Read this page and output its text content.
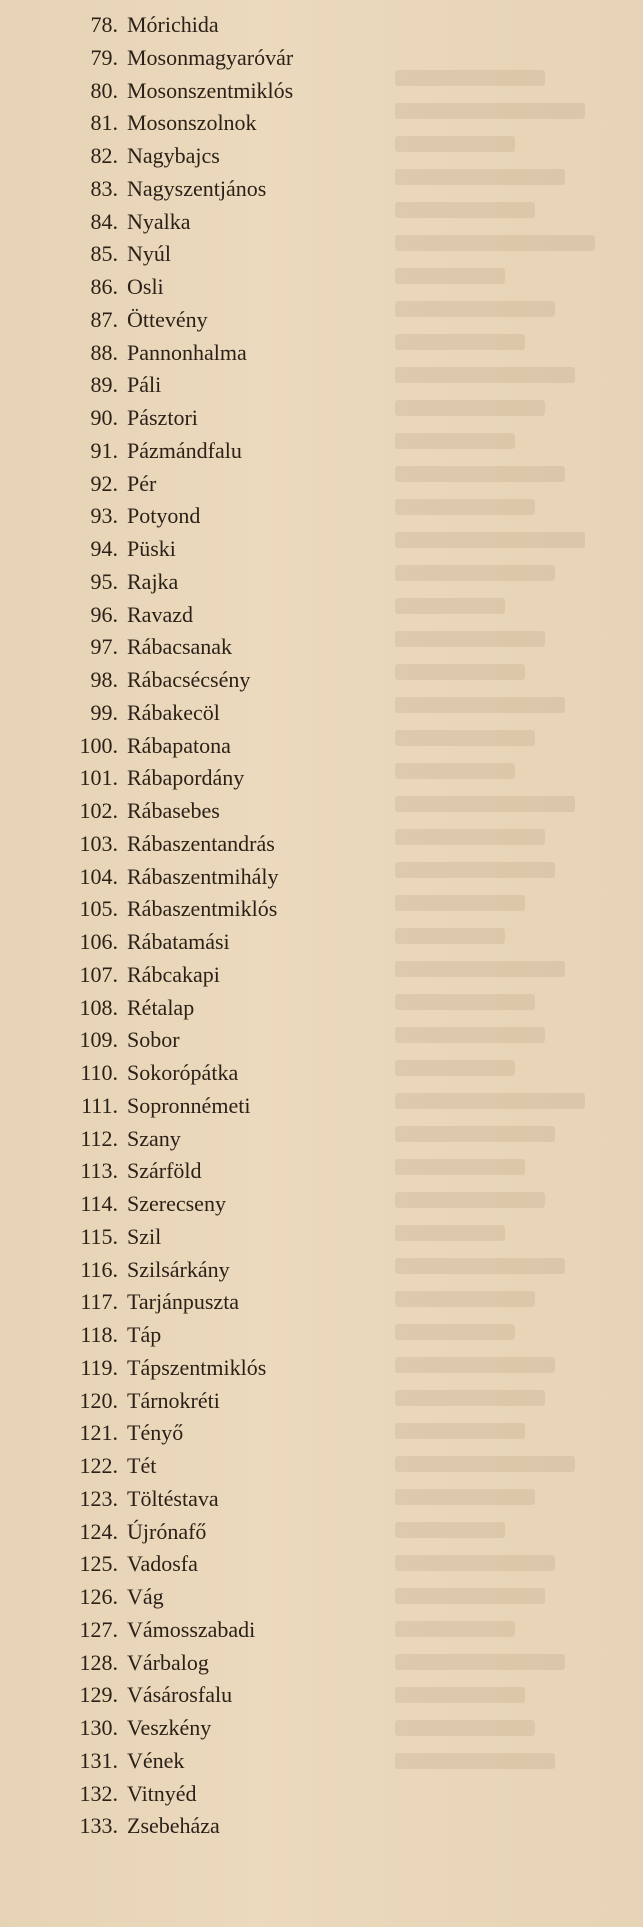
78. Mórichida
79. Mosonmagyaróvár
80. Mosonszentmiklós
81. Mosonszolnok
82. Nagybajcs
83. Nagyszentjános
84. Nyalka
85. Nyúl
86. Osli
87. Öttevény
88. Pannonhalma
89. Páli
90. Pásztori
91. Pázmándfalu
92. Pér
93. Potyond
94. Püski
95. Rajka
96. Ravazd
97. Rábacsanak
98. Rábacsécsény
99. Rábakecöl
100. Rábapatona
101. Rábapordány
102. Rábasebes
103. Rábaszentandrás
104. Rábaszentmihály
105. Rábaszentmiklós
106. Rábatamási
107. Rábcakapi
108. Rétalap
109. Sobor
110. Sokorópátka
111. Sopronnémeti
112. Szany
113. Szárföld
114. Szerecseny
115. Szil
116. Szilsárkány
117. Tarjánpuszta
118. Táp
119. Tápszentmiklós
120. Tárnokréti
121. Tényő
122. Tét
123. Töltéstava
124. Újrónafő
125. Vadosfa
126. Vág
127. Vámosszabadi
128. Várbalog
129. Vásárosfalu
130. Veszkény
131. Vének
132. Vitnyéd
133. Zsebeháza
